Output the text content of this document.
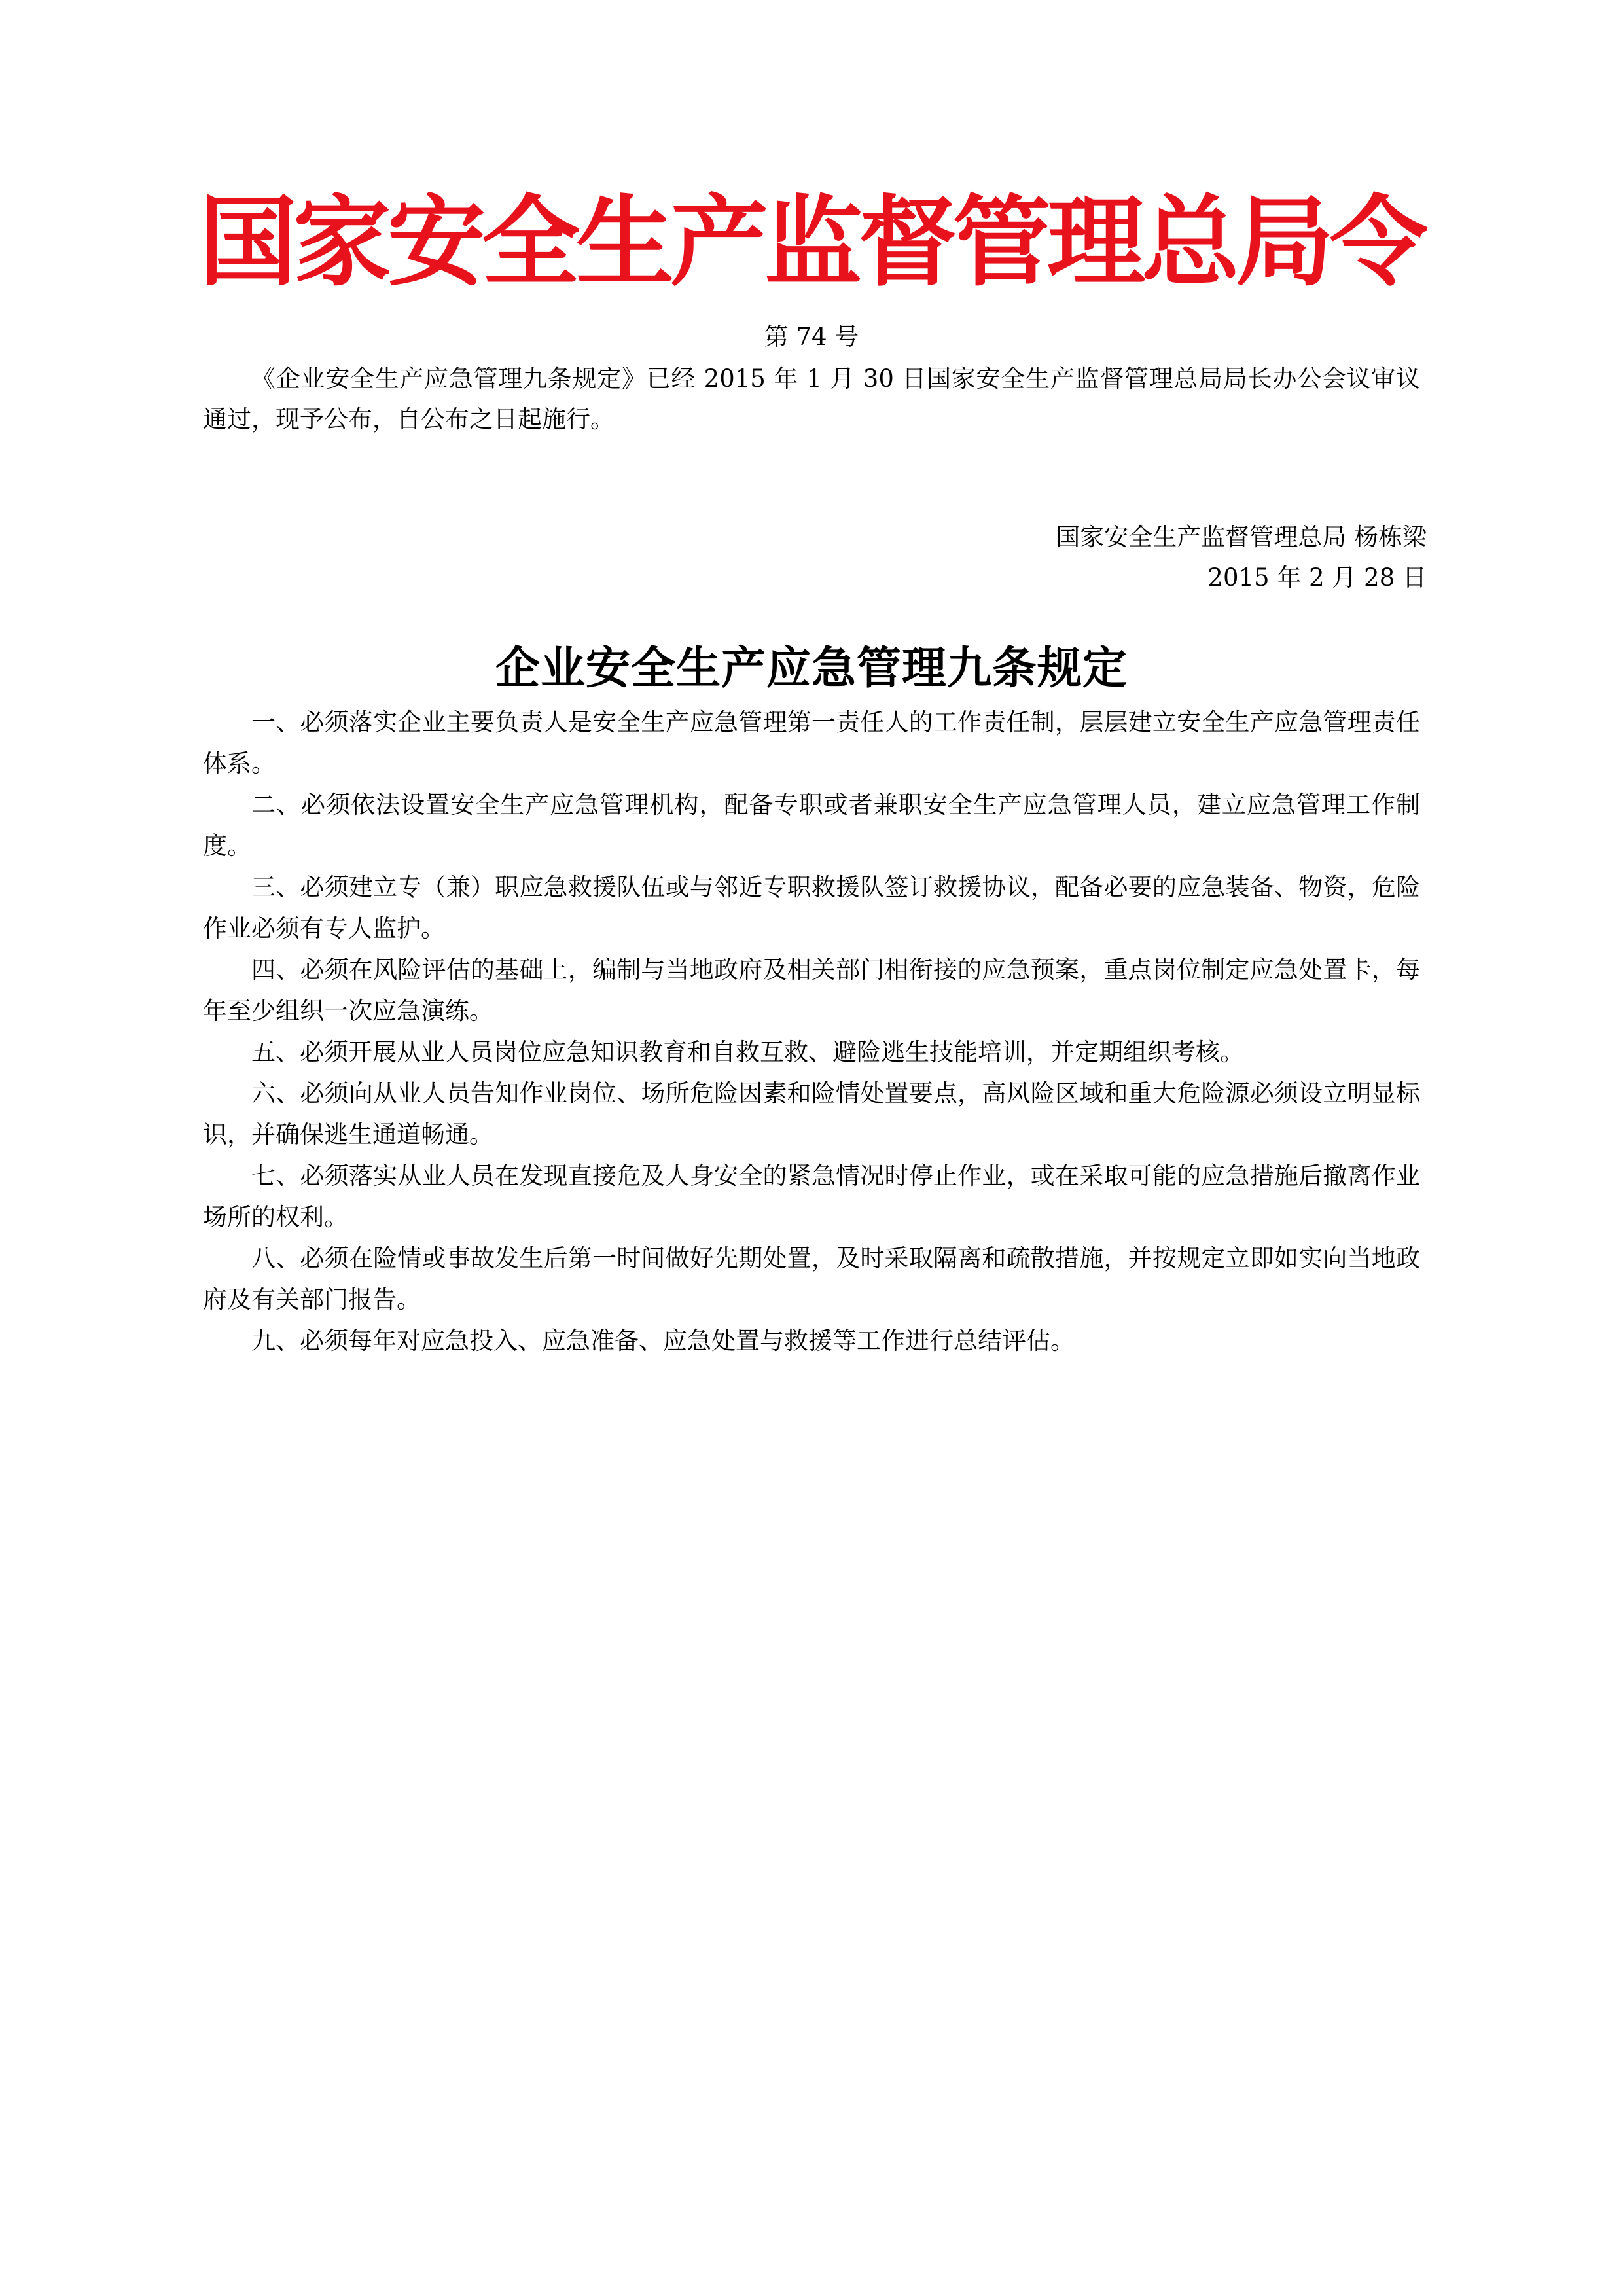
国家安全生产监督管理总局令
第 74 号

《企业安全生产应急管理九条规定》已经 2015 年 1 月 30 日国家安全生产监督管理总局局长办公会议审议通过，现予公布，自公布之日起施行。

国家安全生产监督管理总局 杨栋梁
2015 年 2 月 28 日
企业安全生产应急管理九条规定
一、必须落实企业主要负责人是安全生产应急管理第一责任人的工作责任制，层层建立安全生产应急管理责任体系。
二、必须依法设置安全生产应急管理机构，配备专职或者兼职安全生产应急管理人员，建立应急管理工作制度。
三、必须建立专（兼）职应急救援队伍或与邻近专职救援队签订救援协议，配备必要的应急装备、物资，危险作业必须有专人监护。
四、必须在风险评估的基础上，编制与当地政府及相关部门相衔接的应急预案，重点岗位制定应急处置卡，每年至少组织一次应急演练。
五、必须开展从业人员岗位应急知识教育和自救互救、避险逃生技能培训，并定期组织考核。
六、必须向从业人员告知作业岗位、场所危险因素和险情处置要点，高风险区域和重大危险源必须设立明显标识，并确保逃生通道畅通。
七、必须落实从业人员在发现直接危及人身安全的紧急情况时停止作业，或在采取可能的应急措施后撤离作业场所的权利。
八、必须在险情或事故发生后第一时间做好先期处置，及时采取隔离和疏散措施，并按规定立即如实向当地政府及有关部门报告。
九、必须每年对应急投入、应急准备、应急处置与救援等工作进行总结评估。
